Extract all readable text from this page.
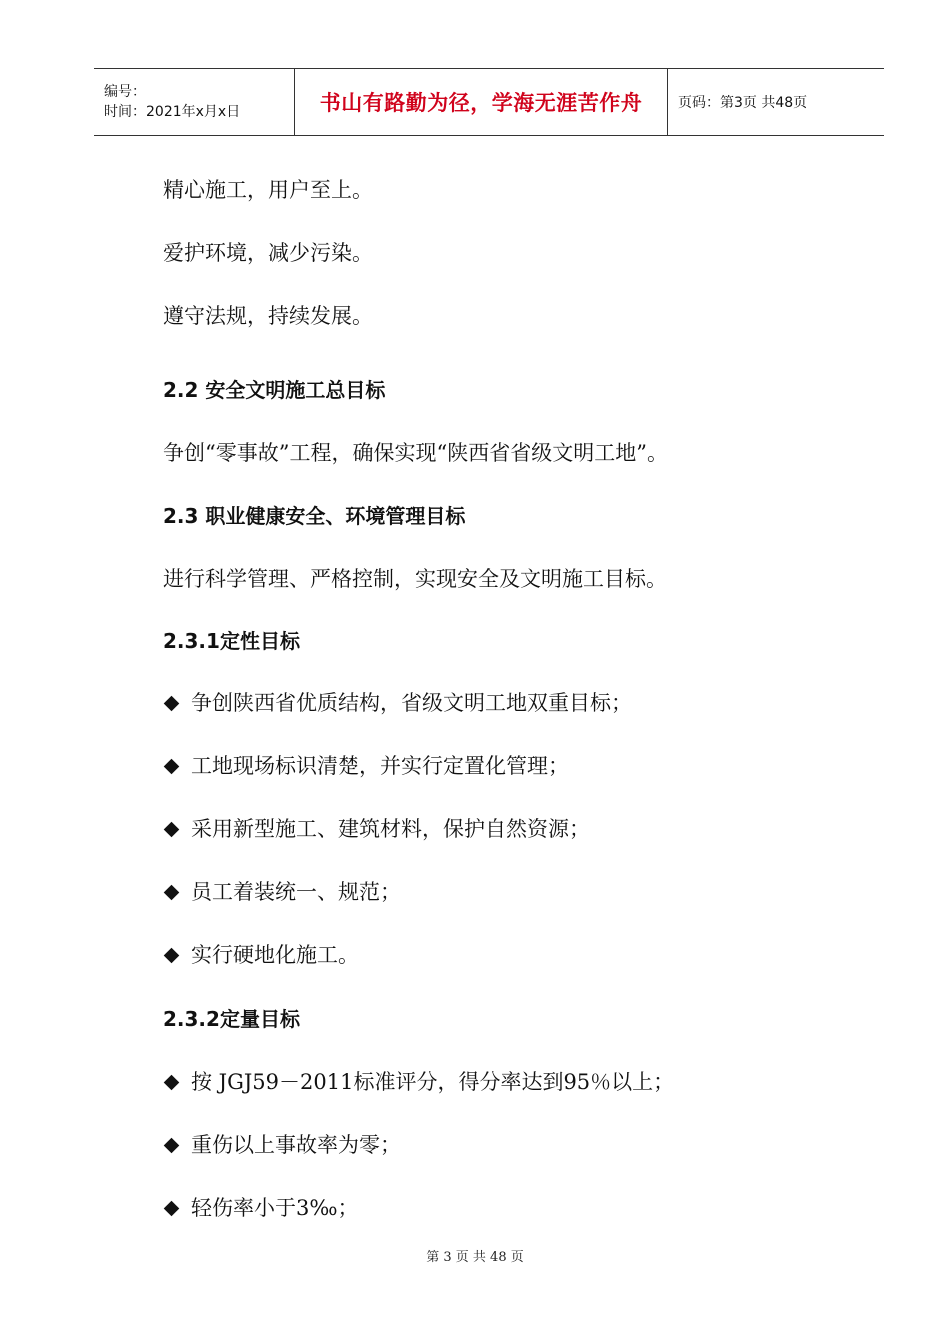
编号：
时间：2021年x月x日	书山有路勤为径，学海无涯苦作舟	页码：第3页 共48页
精心施工，用户至上。
爱护环境，减少污染。
遵守法规，持续发展。
2.2 安全文明施工总目标
争创“零事故”工程，确保实现“陕西省省级文明工地”。
2.3 职业健康安全、环境管理目标
进行科学管理、严格控制，实现安全及文明施工目标。
2.3.1定性目标
争创陕西省优质结构，省级文明工地双重目标；
工地现场标识清楚，并实行定置化管理；
采用新型施工、建筑材料，保护自然资源；
员工着装统一、规范；
实行硬地化施工。
2.3.2定量目标
按 JGJ59－2011标准评分，得分率达到95％以上；
重伤以上事故率为零；
轻伤率小于3‰；
第 3 页 共 48 页
